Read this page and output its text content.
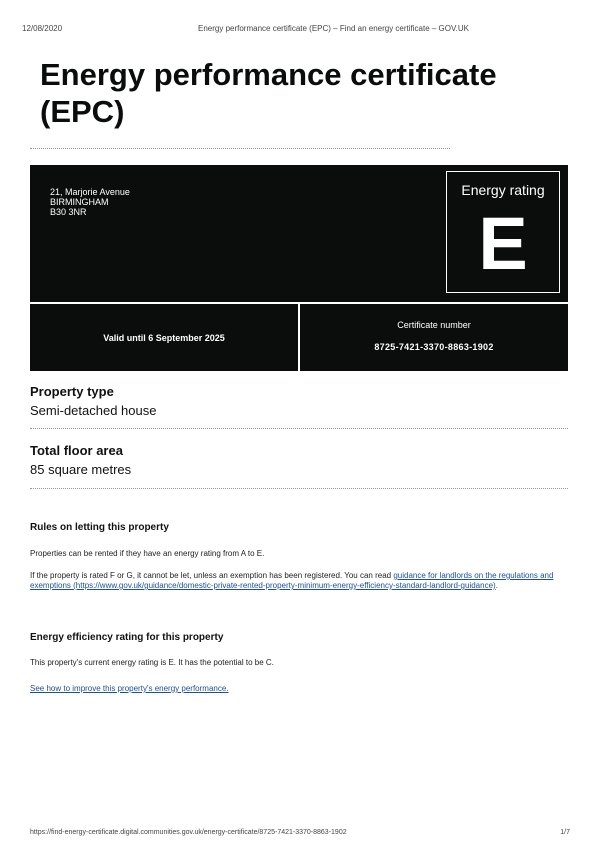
12/08/2020	Energy performance certificate (EPC) – Find an energy certificate – GOV.UK
Energy performance certificate
(EPC)
21, Marjorie Avenue
BIRMINGHAM
B30 3NR
Energy rating
E
Valid until 6 September 2025
Certificate number
8725-7421-3370-8863-1902
Property type
Semi-detached house
Total floor area
85 square metres
Rules on letting this property
Properties can be rented if they have an energy rating from A to E.
If the property is rated F or G, it cannot be let, unless an exemption has been registered. You can read guidance for landlords on the regulations and exemptions (https://www.gov.uk/guidance/domestic-private-rented-property-minimum-energy-efficiency-standard-landlord-guidance).
Energy efficiency rating for this property
This property's current energy rating is E. It has the potential to be C.
See how to improve this property's energy performance.
https://find-energy-certificate.digital.communities.gov.uk/energy-certificate/8725-7421-3370-8863-1902	1/7
